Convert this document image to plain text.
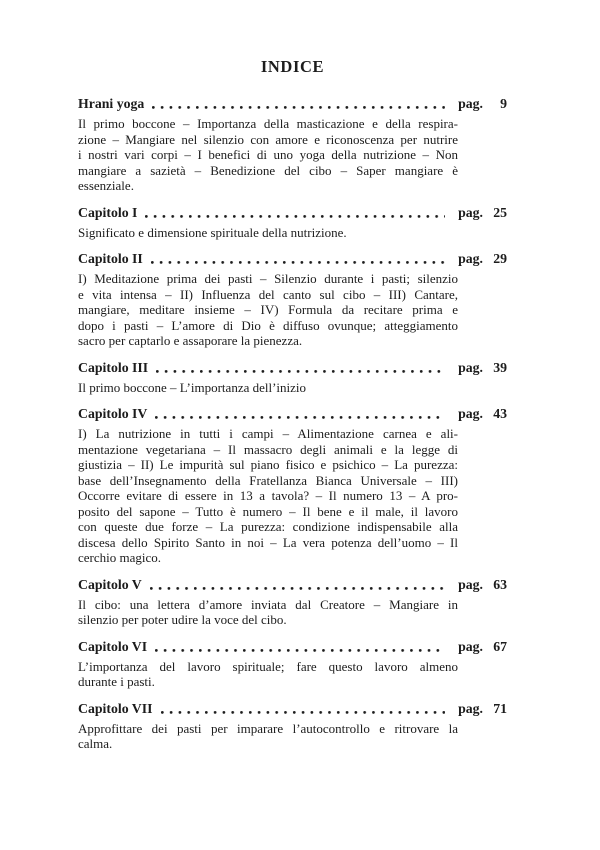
INDICE
Hrani yoga	pag.	9
Il primo boccone – Importanza della masticazione e della respira-
zione – Mangiare nel silenzio con amore e riconoscenza per nutrire
i nostri vari corpi – I benefici di uno yoga della nutrizione – Non
mangiare a sazietà – Benedizione del cibo – Saper mangiare è
essenziale.
Capitolo I	pag. 25
Significato e dimensione spirituale della nutrizione.
Capitolo II	pag. 29
I) Meditazione prima dei pasti – Silenzio durante i pasti; silenzio
e vita intensa – II) Influenza del canto sul cibo – III) Cantare,
mangiare, meditare insieme – IV) Formula da recitare prima e
dopo i pasti – L’amore di Dio è diffuso ovunque; atteggiamento
sacro per captarlo e assaporare la pienezza.
Capitolo III	pag. 39
Il primo boccone – L’importanza dell’inizio
Capitolo IV	pag. 43
I) La nutrizione in tutti i campi – Alimentazione carnea e ali-
mentazione vegetariana – Il massacro degli animali e la legge di
giustizia – II) Le impurità sul piano fisico e psichico – La purezza:
base dell’Insegnamento della Fratellanza Bianca Universale – III)
Occorre evitare di essere in 13 a tavola? – Il numero 13 – A pro-
posito del sapone – Tutto è numero – Il bene e il male, il lavoro
con queste due forze – La purezza: condizione indispensabile alla
discesa dello Spirito Santo in noi – La vera potenza dell’uomo – Il
cerchio magico.
Capitolo V	pag. 63
Il cibo: una lettera d’amore inviata dal Creatore – Mangiare in
silenzio per poter udire la voce del cibo.
Capitolo VI	pag. 67
L’importanza del lavoro spirituale; fare questo lavoro almeno
durante i pasti.
Capitolo VII	pag. 71
Approfittare dei pasti per imparare l’autocontrollo e ritrovare la
calma.
